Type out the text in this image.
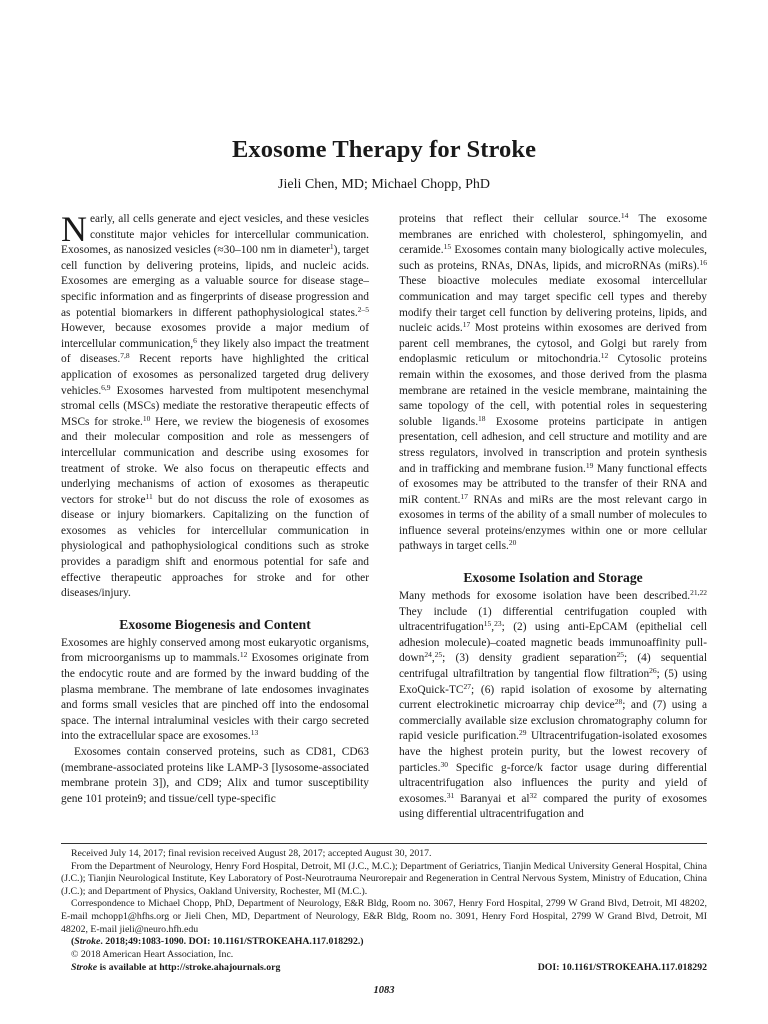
Exosome Therapy for Stroke
Jieli Chen, MD; Michael Chopp, PhD

Nearly, all cells generate and eject vesicles, and these vesicles constitute major vehicles for intercellular communication. Exosomes, as nanosized vesicles (≈30–100 nm in diameter$^1$), target cell function by delivering proteins, lipids, and nucleic acids. Exosomes are emerging as a valuable source for disease stage–specific information and as fingerprints of disease progression and as potential biomarkers in different pathophysiological states.$^{2-5}$ However, because exosomes provide a major medium of intercellular communication,$^6$ they likely also impact the treatment of diseases.$^{7,8}$ Recent reports have highlighted the critical application of exosomes as personalized targeted drug delivery vehicles.$^{6,9}$ Exosomes harvested from multipotent mesenchymal stromal cells (MSCs) mediate the restorative therapeutic effects of MSCs for stroke.$^{10}$ Here, we review the biogenesis of exosomes and their molecular composition and role as messengers of intercellular communication and describe using exosomes for treatment of stroke. We also focus on therapeutic effects and underlying mechanisms of action of exosomes as therapeutic vectors for stroke$^{11}$ but do not discuss the role of exosomes as disease or injury biomarkers. Capitalizing on the function of exosomes as vehicles for intercellular communication in physiological and pathophysiological conditions such as stroke provides a paradigm shift and enormous potential for safe and effective therapeutic approaches for stroke and for other diseases/injury.

Exosome Biogenesis and Content

Exosomes are highly conserved among most eukaryotic organisms, from microorganisms up to mammals.$^{12}$ Exosomes originate from the endocytic route and are formed by the inward budding of the plasma membrane. The membrane of late endosomes invaginates and forms small vesicles that are pinched off into the endosomal space. The internal intraluminal vesicles with their cargo secreted into the extracellular space are exosomes.$^{13}$

Exosomes contain conserved proteins, such as CD81, CD63 (membrane-associated proteins like LAMP-3 [lysosome-associated membrane protein 3]), and CD9; Alix and tumor susceptibility gene 101 protein9; and tissue/cell type-specific

proteins that reflect their cellular source.$^{14}$ The exosome membranes are enriched with cholesterol, sphingomyelin, and ceramide.$^{15}$ Exosomes contain many biologically active molecules, such as proteins, RNAs, DNAs, lipids, and microRNAs (miRs).$^{16}$ These bioactive molecules mediate exosomal intercellular communication and may target specific cell types and thereby modify their target cell function by delivering proteins, lipids, and nucleic acids.$^{17}$ Most proteins within exosomes are derived from parent cell membranes, the cytosol, and Golgi but rarely from endoplasmic reticulum or mitochondria.$^{12}$ Cytosolic proteins remain within the exosomes, and those derived from the plasma membrane are retained in the vesicle membrane, maintaining the same topology of the cell, with potential roles in sequestering soluble ligands.$^{18}$ Exosome proteins participate in antigen presentation, cell adhesion, and cell structure and motility and are stress regulators, involved in transcription and protein synthesis and in trafficking and membrane fusion.$^{19}$ Many functional effects of exosomes may be attributed to the transfer of their RNA and miR content.$^{17}$ RNAs and miRs are the most relevant cargo in exosomes in terms of the ability of a small number of molecules to influence several proteins/enzymes within one or more cellular pathways in target cells.$^{20}$

Exosome Isolation and Storage

Many methods for exosome isolation have been described.$^{21,22}$ They include (1) differential centrifugation coupled with ultracentrifugation$^{15}$,$^{23}$; (2) using anti-EpCAM (epithelial cell adhesion molecule)–coated magnetic beads immunoaffinity pull-down$^{24}$,$^{25}$; (3) density gradient separation$^{25}$; (4) sequential centrifugal ultrafiltration by tangential flow filtration$^{26}$; (5) using ExoQuick-TC$^{27}$; (6) rapid isolation of exosome by alternating current electrokinetic microarray chip device$^{28}$; and (7) using a commercially available size exclusion chromatography column for rapid vesicle purification.$^{29}$ Ultracentrifugation-isolated exosomes have the highest protein purity, but the lowest recovery of particles.$^{30}$ Specific g-force/k factor usage during differential ultracentrifugation also influences the purity and yield of exosomes.$^{31}$ Baranyai et $al^{32}$ compared the purity of exosomes using differential ultracentrifugation and

Received July 14, 2017; final revision received August 28, 2017; accepted August 30, 2017.

From the Department of Neurology, Henry Ford Hospital, Detroit, MI (J.C., M.C.); Department of Geriatrics, Tianjin Medical University General Hospital, China (J.C.); Tianjin Neurological Institute, Key Laboratory of Post-Neurotrauma Neurorepair and Regeneration in Central Nervous System, Ministry of Education, China (J.C.); and Department of Physics, Oakland University, Rochester, MI (M.C.).

Correspondence to Michael Chopp, PhD, Department of Neurology, E&R Bldg, Room no. 3067, Henry Ford Hospital, 2799 W Grand Blvd, Detroit, MI 48202, E-mail mchopp1@hfhs.org or Jieli Chen, MD, Department of Neurology, E&R Bldg, Room no. 3091, Henry Ford Hospital, 2799 W Grand Blvd, Detroit, MI 48202, E-mail jieli@neuro.hfh.edu

(Stroke. 2018;49:1083-1090. DOI: 10.1161/STROKEAHA.117.018292.)

© 2018 American Heart Association, Inc.

Stroke is available at http://stroke.ahajournals.org	DOI: 10.1161/STROKEAHA.117.018292
1083
